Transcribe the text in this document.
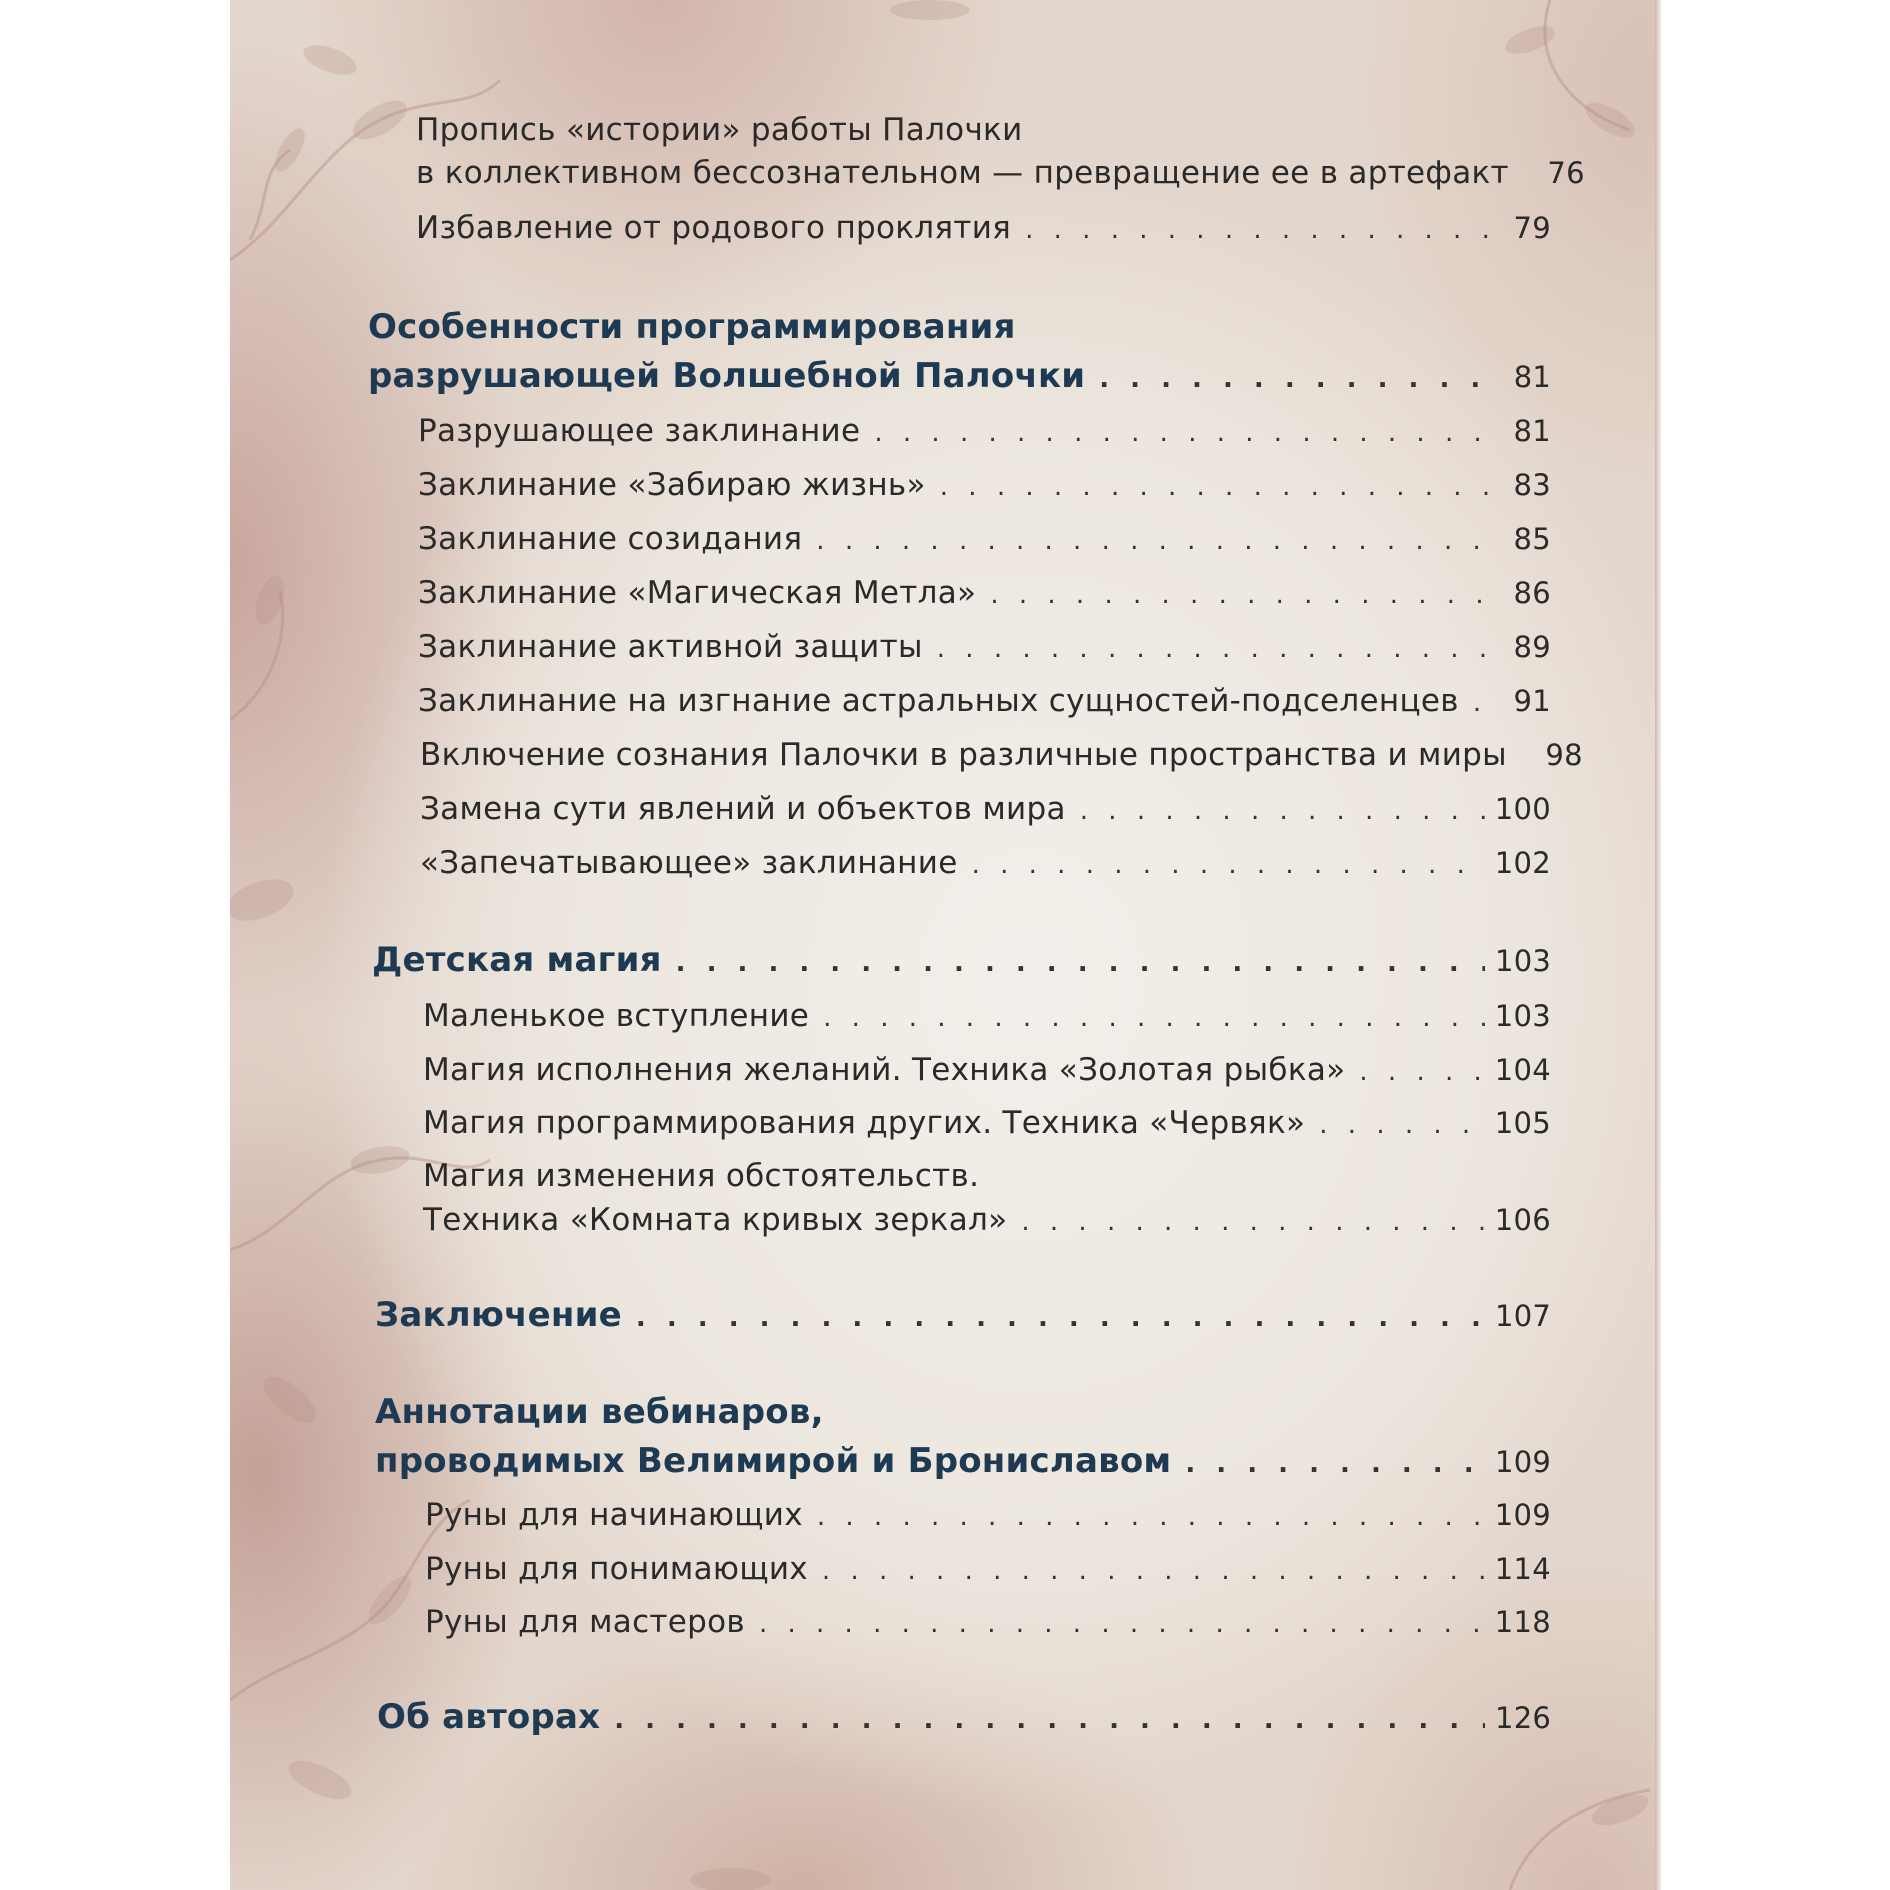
Пропись «истории» работы Палочки
в коллективном бессознательном — превращение ее в артефакт	76
Избавление от родового проклятия . . .	79
Особенности программирования
разрушающей Волшебной Палочки . . .	81
Разрушающее заклинание . . .	81
Заклинание «Забираю жизнь» . . .	83
Заклинание созидания . . .	85
Заклинание «Магическая Метла» . . .	86
Заклинание активной защиты . . .	89
Заклинание на изгнание астральных сущностей-подселенцев . . .	91
Включение сознания Палочки в различные пространства и миры	98
Замена сути явлений и объектов мира . . .	100
«Запечатывающее» заклинание . . .	102
Детская магия . . .	103
Маленькое вступление . . .	103
Магия исполнения желаний. Техника «Золотая рыбка» . . .	104
Магия программирования других. Техника «Червяк» . . .	105
Магия изменения обстоятельств.
Техника «Комната кривых зеркал» . . .	106
Заключение . . .	107
Аннотации вебинаров,
проводимых Велимирой и Брониславом . . .	109
Руны для начинающих . . .	109
Руны для понимающих . . .	114
Руны для мастеров . . .	118
Об авторах . . .	126
